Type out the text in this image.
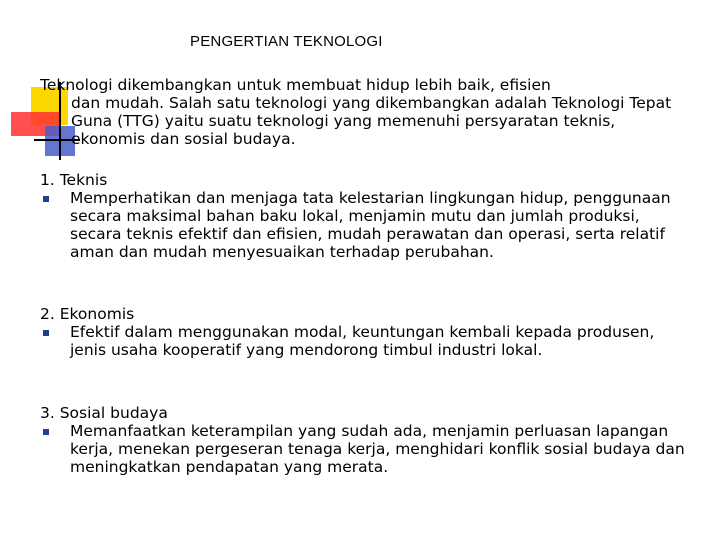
PENGERTIAN TEKNOLOGI
Teknologi dikembangkan untuk membuat hidup lebih baik, efisien
dan mudah. Salah satu teknologi yang dikembangkan adalah Teknologi Tepat Guna (TTG) yaitu suatu teknologi yang memenuhi persyaratan teknis, ekonomis dan sosial budaya.
1. Teknis
Memperhatikan dan menjaga tata kelestarian lingkungan hidup, penggunaan secara maksimal bahan baku lokal, menjamin mutu dan jumlah produksi, secara teknis efektif dan efisien, mudah perawatan dan operasi, serta relatif aman dan mudah menyesuaikan terhadap perubahan.
2. Ekonomis
Efektif dalam menggunakan modal, keuntungan kembali kepada produsen, jenis usaha kooperatif yang mendorong timbul industri lokal.
3. Sosial budaya
Memanfaatkan keterampilan yang sudah ada, menjamin perluasan lapangan kerja, menekan pergeseran tenaga kerja, menghidari konflik sosial budaya dan meningkatkan pendapatan yang merata.
